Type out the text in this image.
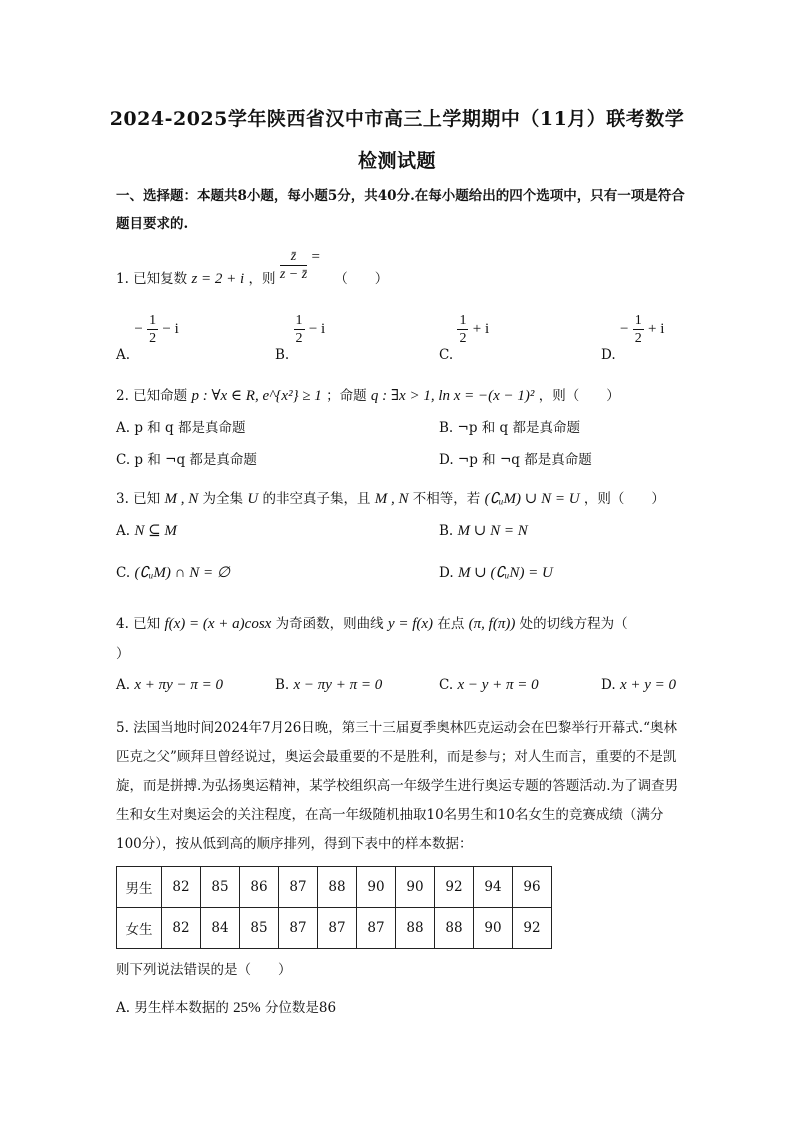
2024-2025学年陕西省汉中市高三上学期期中（11月）联考数学
检测试题
一、选择题：本题共8小题，每小题5分，共40分.在每小题给出的四个选项中，只有一项是符合题目要求的.
1. 已知复数 z = 2 + i ，则 $\frac{z̄}{z - z̄}$ = （　　）
A. − $\frac{1}{2} - i$
B.
$\frac{1}{2} - i$
C.
$\frac{1}{2} + i$
D. − $\frac{1}{2} + i$
2. 已知命题 p : ∀x ∈ R, e^{x²} ≥ 1 ；命题 q : ∃x > 1, ln x = −(x − 1)² ，则（　　）
A. p 和 q 都是真命题	B. ¬p 和 q 都是真命题
C. p 和 ¬q 都是真命题	D. ¬p 和 ¬q 都是真命题
3. 已知 M , N 为全集 U 的非空真子集，且 M , N 不相等，若 (∁ᵤM) ∪ N = U ，则（　　）
A. N ⊆ M	B. M ∪ N = N
C. (∁ᵤM) ∩ N = ∅	D. M ∪ (∁ᵤN) = U
4. 已知 f(x) = (x + a)cosx 为奇函数，则曲线 y = f(x) 在点 (π, f(π)) 处的切线方程为（
）
A. x + πy − π = 0	B. x − πy + π = 0	C. x − y + π = 0	D. x + y = 0
5. 法国当地时间2024年7月26日晚，第三十三届夏季奥林匹克运动会在巴黎举行开幕式.“奥林匹克之父”顾拜旦曾经说过，奥运会最重要的不是胜利，而是参与；对人生而言，重要的不是凯旋，而是拼搏.为弘扬奥运精神，某学校组织高一年级学生进行奥运专题的答题活动.为了调查男生和女生对奥运会的关注程度，在高一年级随机抽取10名男生和10名女生的竞赛成绩（满分100分），按从低到高的顺序排列，得到下表中的样本数据：
男生	82	85	86	87	88	90	90	92	94	96
女生	82	84	85	87	87	87	88	88	90	92
则下列说法错误的是（　　）
A. 男生样本数据的 25% 分位数是86
